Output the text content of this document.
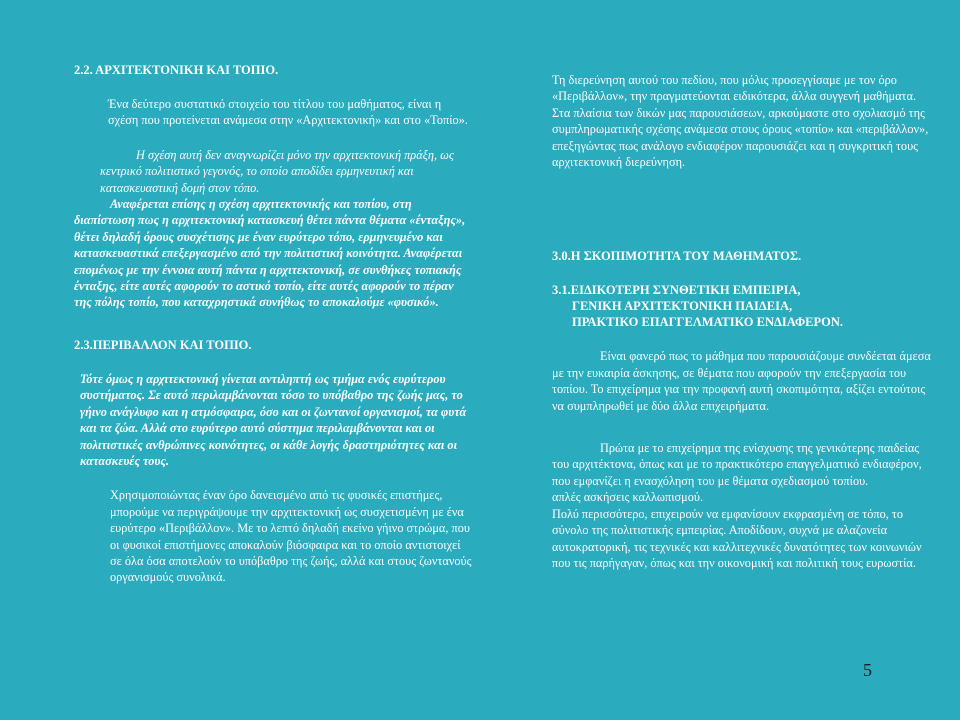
2.2. ΑΡΧΙΤΕΚΤΟΝΙΚΗ ΚΑΙ ΤΟΠΙΟ.

Ένα δεύτερο συστατικό στοιχείο του τίτλου του μαθήματος, είναι η σχέση που προτείνεται ανάμεσα στην «Αρχιτεκτονική» και στο «Τοπίο».

Η σχέση αυτή δεν αναγνωρίζει μόνο την αρχιτεκτονική πράξη, ως κεντρικό πολιτιστικό γεγονός, το οποίο αποδίδει ερμηνευτική και κατασκευαστική δομή στον τόπο.

Αναφέρεται επίσης η σχέση αρχιτεκτονικής και τοπίου, στη διαπίστωση πως η αρχιτεκτονική κατασκευή θέτει πάντα θέματα «ένταξης», θέτει δηλαδή όρους συσχέτισης με έναν ευρύτερο τόπο, ερμηνευμένο και κατασκευαστικά επεξεργασμένο από την πολιτιστική κοινότητα. Αναφέρεται επομένως με την έννοια αυτή πάντα η αρχιτεκτονική, σε συνθήκες τοπιακής ένταξης, είτε αυτές αφορούν το αστικό τοπίο, είτε αυτές αφορούν το πέραν της πόλης τοπίο, που καταχρηστικά συνήθως το αποκαλούμε «φυσικό».

2.3.ΠΕΡΙΒΑΛΛΟΝ ΚΑΙ ΤΟΠΙΟ.

Τότε όμως η αρχιτεκτονική γίνεται αντιληπτή ως τμήμα ενός ευρύτερου συστήματος. Σε αυτό περιλαμβάνονται τόσο το υπόβαθρο της ζωής μας, το γήινο ανάγλυφο και η ατμόσφαιρα, όσο και οι ζωντανοί οργανισμοί, τα φυτά και τα ζώα. Αλλά στο ευρύτερο αυτό σύστημα περιλαμβάνονται και οι πολιτιστικές ανθρώπινες κοινότητες, οι κάθε λογής δραστηριότητες και οι κατασκευές τους.

Χρησιμοποιώντας έναν όρο δανεισμένο από τις φυσικές επιστήμες, μπορούμε να περιγράψουμε την αρχιτεκτονική ως συσχετισμένη με ένα ευρύτερο «Περιβάλλον». Με το λεπτό δηλαδή εκείνο γήινο στρώμα, που οι φυσικοί επιστήμονες αποκαλούν βιόσφαιρα και το οποίο αντιστοιχεί σε όλα όσα αποτελούν το υπόβαθρο της ζωής, αλλά και στους ζωντανούς οργανισμούς συνολικά.

Τη διερεύνηση αυτού του πεδίου, που μόλις προσεγγίσαμε με τον όρο «Περιβάλλον», την πραγματεύονται ειδικότερα, άλλα συγγενή μαθήματα. Στα πλαίσια των δικών μας παρουσιάσεων, αρκούμαστε στο σχολιασμό της συμπληρωματικής σχέσης ανάμεσα στους όρους «τοπίο» και «περιβάλλον», επεξηγώντας πως ανάλογο ενδιαφέρον παρουσιάζει και η συγκριτική τους αρχιτεκτονική διερεύνηση.

3.0.Η ΣΚΟΠΙΜΟΤΗΤΑ ΤΟΥ ΜΑΘΗΜΑΤΟΣ.

3.1.ΕΙΔΙΚΟΤΕΡΗ ΣΥΝΘΕΤΙΚΗ ΕΜΠΕΙΡΙΑ,

ΓΕΝΙΚΗ ΑΡΧΙΤΕΚΤΟΝΙΚΗ ΠΑΙΔΕΙΑ,

ΠΡΑΚΤΙΚΟ ΕΠΑΓΓΕΛΜΑΤΙΚΟ ΕΝΔΙΑΦΕΡΟΝ.

Είναι φανερό πως το μάθημα που παρουσιάζουμε συνδέεται άμεσα με την ευκαιρία άσκησης, σε θέματα που αφορούν την επεξεργασία του τοπίου. Το επιχείρημα για την προφανή αυτή σκοπιμότητα, αξίζει εντούτοις να συμπληρωθεί με δύο άλλα επιχειρήματα.

Πρώτα με το επιχείρημα της ενίσχυσης της γενικότερης παιδείας του αρχιτέκτονα, όπως και με το πρακτικότερο επαγγελματικό ενδιαφέρον, που εμφανίζει η ενασχόληση του με θέματα σχεδιασμού τοπίου.

απλές ασκήσεις καλλωπισμού.

Πολύ περισσότερο, επιχειρούν να εμφανίσουν εκφρασμένη σε τόπο, το σύνολο της πολιτιστικής εμπειρίας. Αποδίδουν, συχνά με αλαζονεία αυτοκρατορική, τις τεχνικές και καλλιτεχνικές δυνατότητες των κοινωνιών που τις παρήγαγαν, όπως και την οικονομική και πολιτική τους ευρωστία.

5
